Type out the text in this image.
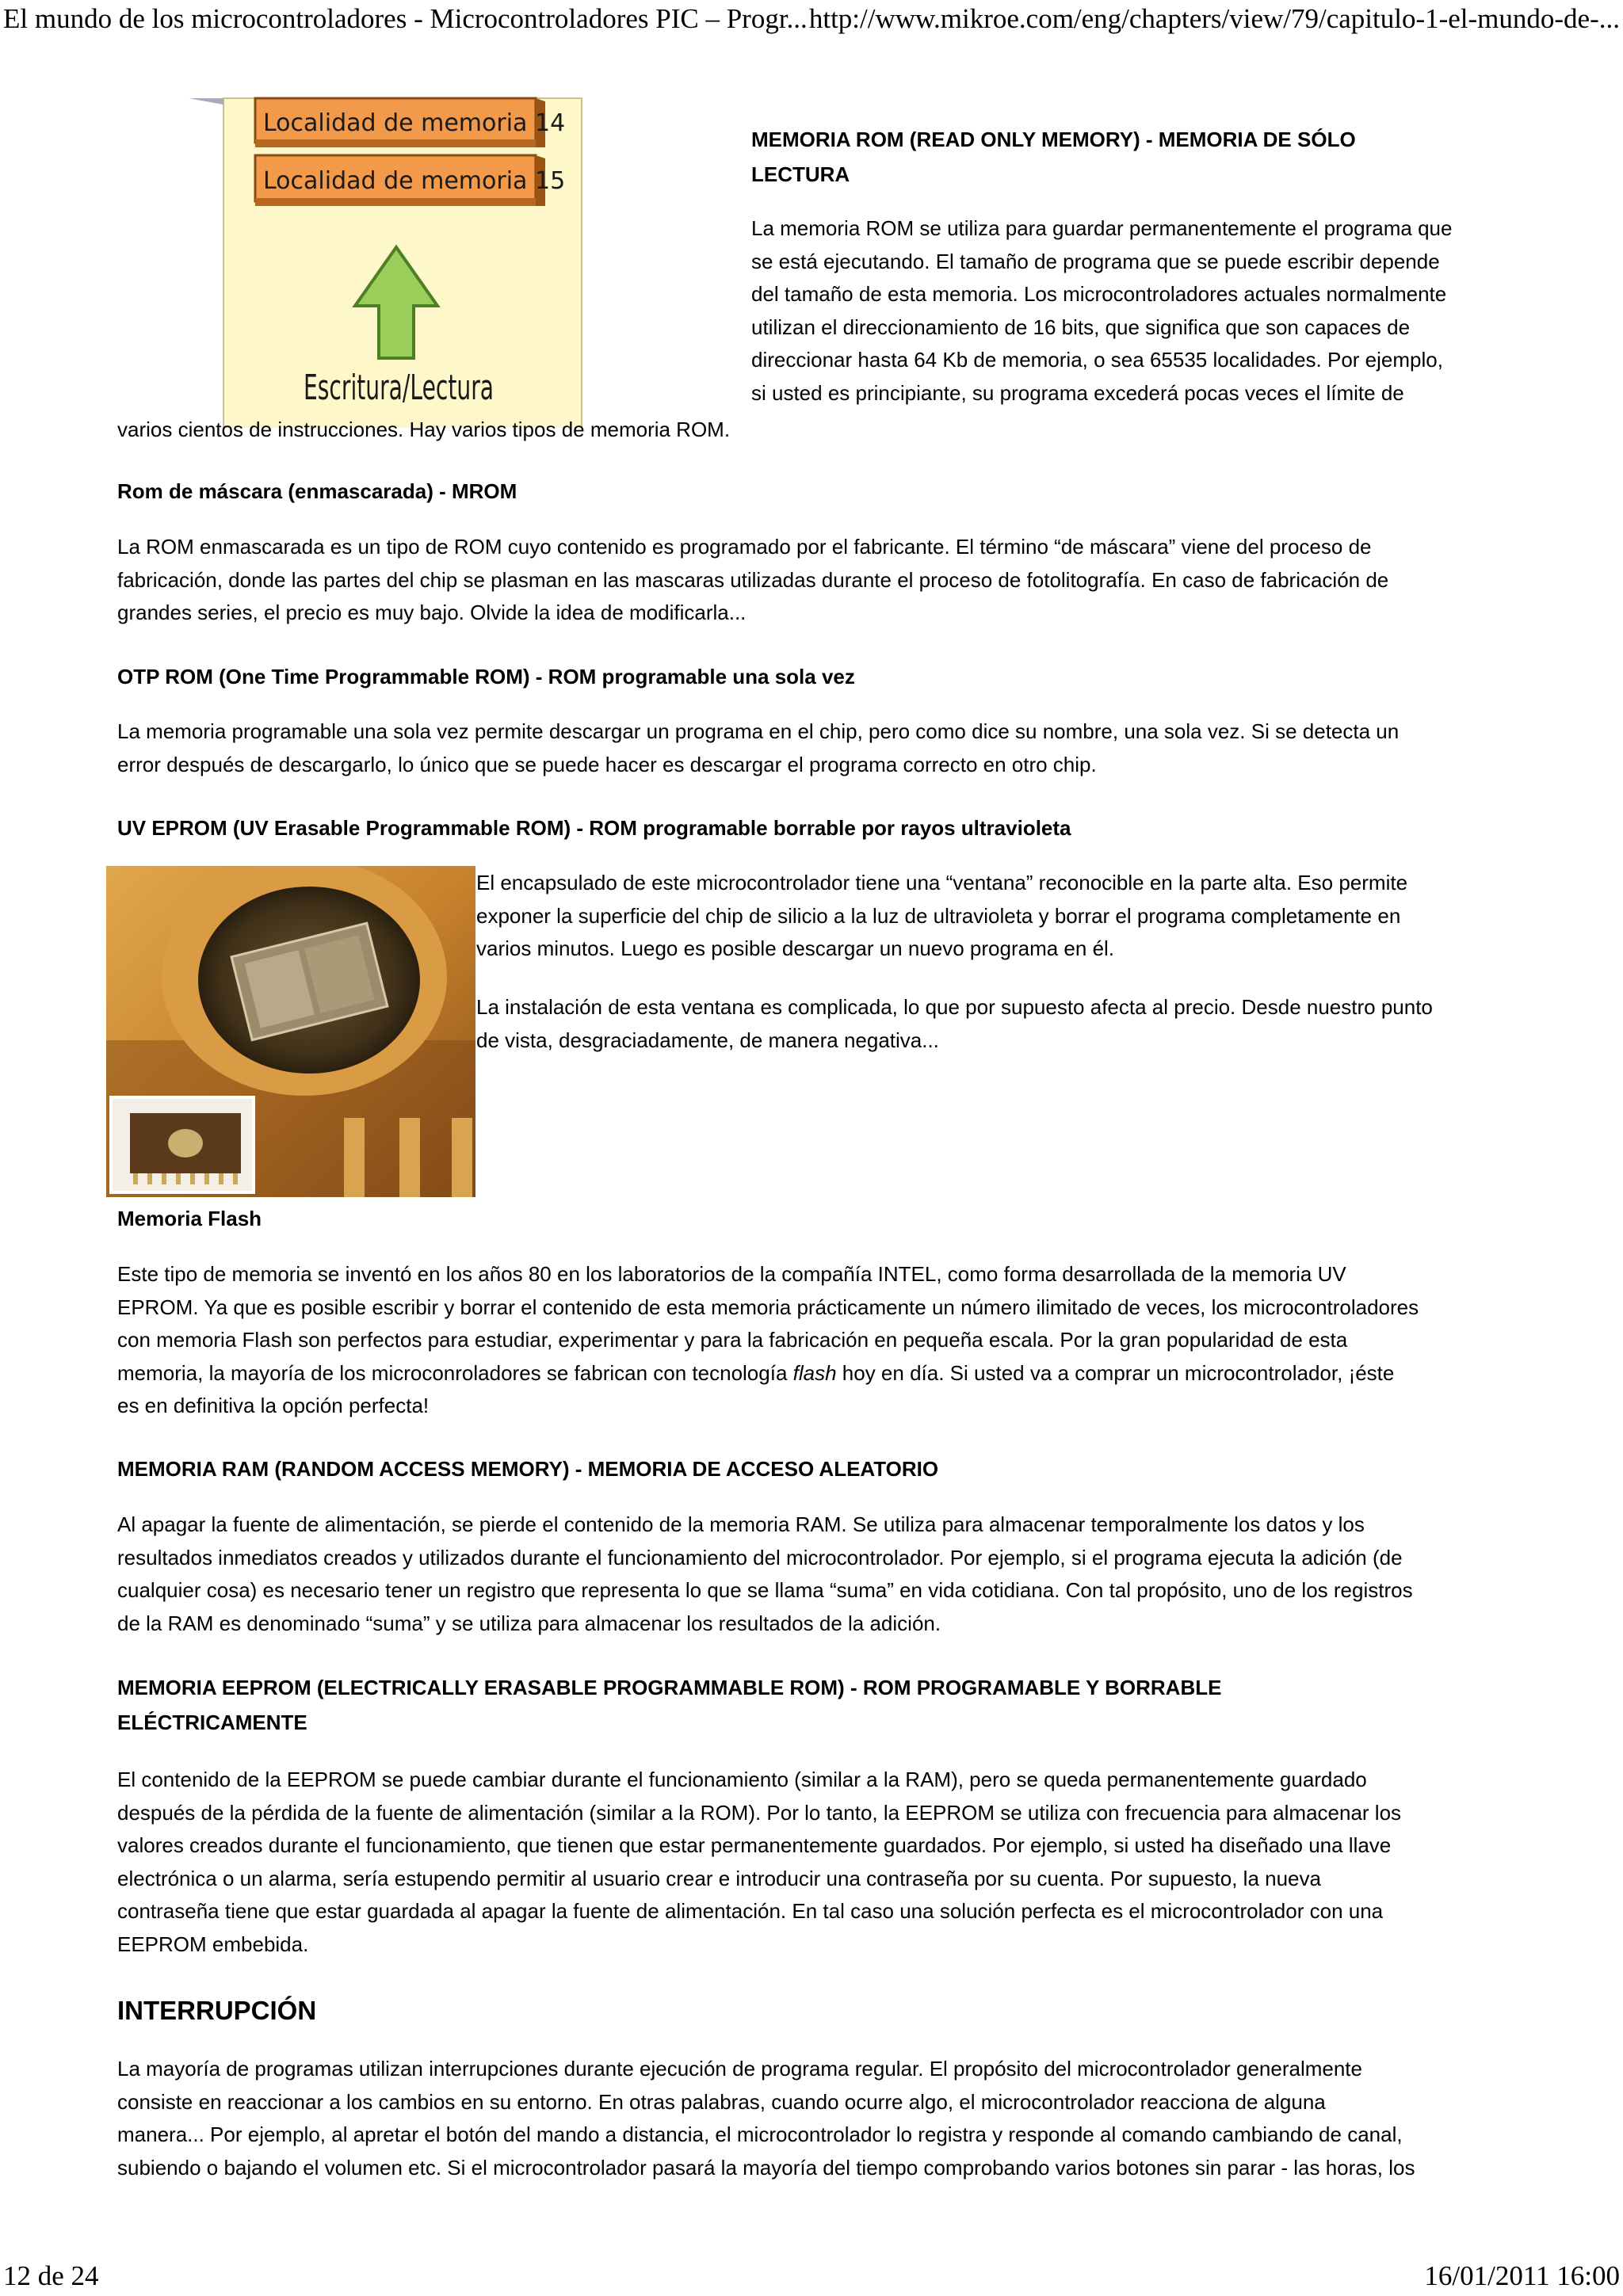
El mundo de los microcontroladores - Microcontroladores PIC – Progr... http://www.mikroe.com/eng/chapters/view/79/capitulo-1-el-mundo-de-...
Localidad de memoria 14
Localidad de memoria 15
Escritura/Lectura

MEMORIA ROM (READ ONLY MEMORY) - MEMORIA DE SÓLO

LECTURA

La memoria ROM se utiliza para guardar permanentemente el programa que

se está ejecutando. El tamaño de programa que se puede escribir depende

del tamaño de esta memoria. Los microcontroladores actuales normalmente

utilizan el direccionamiento de 16 bits, que significa que son capaces de

direccionar hasta 64 Kb de memoria, o sea 65535 localidades. Por ejemplo,

si usted es principiante, su programa excederá pocas veces el límite de

varios cientos de instrucciones. Hay varios tipos de memoria ROM.

Rom de máscara (enmascarada) - MROM

La ROM enmascarada es un tipo de ROM cuyo contenido es programado por el fabricante. El término “de máscara” viene del proceso de

fabricación, donde las partes del chip se plasman en las mascaras utilizadas durante el proceso de fotolitografía. En caso de fabricación de

grandes series, el precio es muy bajo. Olvide la idea de modificarla...

OTP ROM (One Time Programmable ROM) - ROM programable una sola vez

La memoria programable una sola vez permite descargar un programa en el chip, pero como dice su nombre, una sola vez. Si se detecta un

error después de descargarlo, lo único que se puede hacer es descargar el programa correcto en otro chip.

UV EPROM (UV Erasable Programmable ROM) - ROM programable borrable por rayos ultravioleta

El encapsulado de este microcontrolador tiene una “ventana” reconocible en la parte alta. Eso permite

exponer la superficie del chip de silicio a la luz de ultravioleta y borrar el programa completamente en

varios minutos. Luego es posible descargar un nuevo programa en él.

La instalación de esta ventana es complicada, lo que por supuesto afecta al precio. Desde nuestro punto

de vista, desgraciadamente, de manera negativa...

Memoria Flash

Este tipo de memoria se inventó en los años 80 en los laboratorios de la compañía INTEL, como forma desarrollada de la memoria UV

EPROM. Ya que es posible escribir y borrar el contenido de esta memoria prácticamente un número ilimitado de veces, los microcontroladores

con memoria Flash son perfectos para estudiar, experimentar y para la fabricación en pequeña escala. Por la gran popularidad de esta

memoria, la mayoría de los microconroladores se fabrican con tecnología flash hoy en día. Si usted va a comprar un microcontrolador, ¡éste

es en definitiva la opción perfecta!

MEMORIA RAM (RANDOM ACCESS MEMORY) - MEMORIA DE ACCESO ALEATORIO

Al apagar la fuente de alimentación, se pierde el contenido de la memoria RAM. Se utiliza para almacenar temporalmente los datos y los

resultados inmediatos creados y utilizados durante el funcionamiento del microcontrolador. Por ejemplo, si el programa ejecuta la adición (de

cualquier cosa) es necesario tener un registro que representa lo que se llama “suma” en vida cotidiana. Con tal propósito, uno de los registros

de la RAM es denominado “suma” y se utiliza para almacenar los resultados de la adición.

MEMORIA EEPROM (ELECTRICALLY ERASABLE PROGRAMMABLE ROM) - ROM PROGRAMABLE Y BORRABLE

ELÉCTRICAMENTE

El contenido de la EEPROM se puede cambiar durante el funcionamiento (similar a la RAM), pero se queda permanentemente guardado

después de la pérdida de la fuente de alimentación (similar a la ROM). Por lo tanto, la EEPROM se utiliza con frecuencia para almacenar los

valores creados durante el funcionamiento, que tienen que estar permanentemente guardados. Por ejemplo, si usted ha diseñado una llave

electrónica o un alarma, sería estupendo permitir al usuario crear e introducir una contraseña por su cuenta. Por supuesto, la nueva

contraseña tiene que estar guardada al apagar la fuente de alimentación. En tal caso una solución perfecta es el microcontrolador con una

EEPROM embebida.

INTERRUPCIÓN

La mayoría de programas utilizan interrupciones durante ejecución de programa regular. El propósito del microcontrolador generalmente

consiste en reaccionar a los cambios en su entorno. En otras palabras, cuando ocurre algo, el microcontrolador reacciona de alguna

manera... Por ejemplo, al apretar el botón del mando a distancia, el microcontrolador lo registra y responde al comando cambiando de canal,

subiendo o bajando el volumen etc. Si el microcontrolador pasará la mayoría del tiempo comprobando varios botones sin parar - las horas, los

12 de 24	16/01/2011 16:00
